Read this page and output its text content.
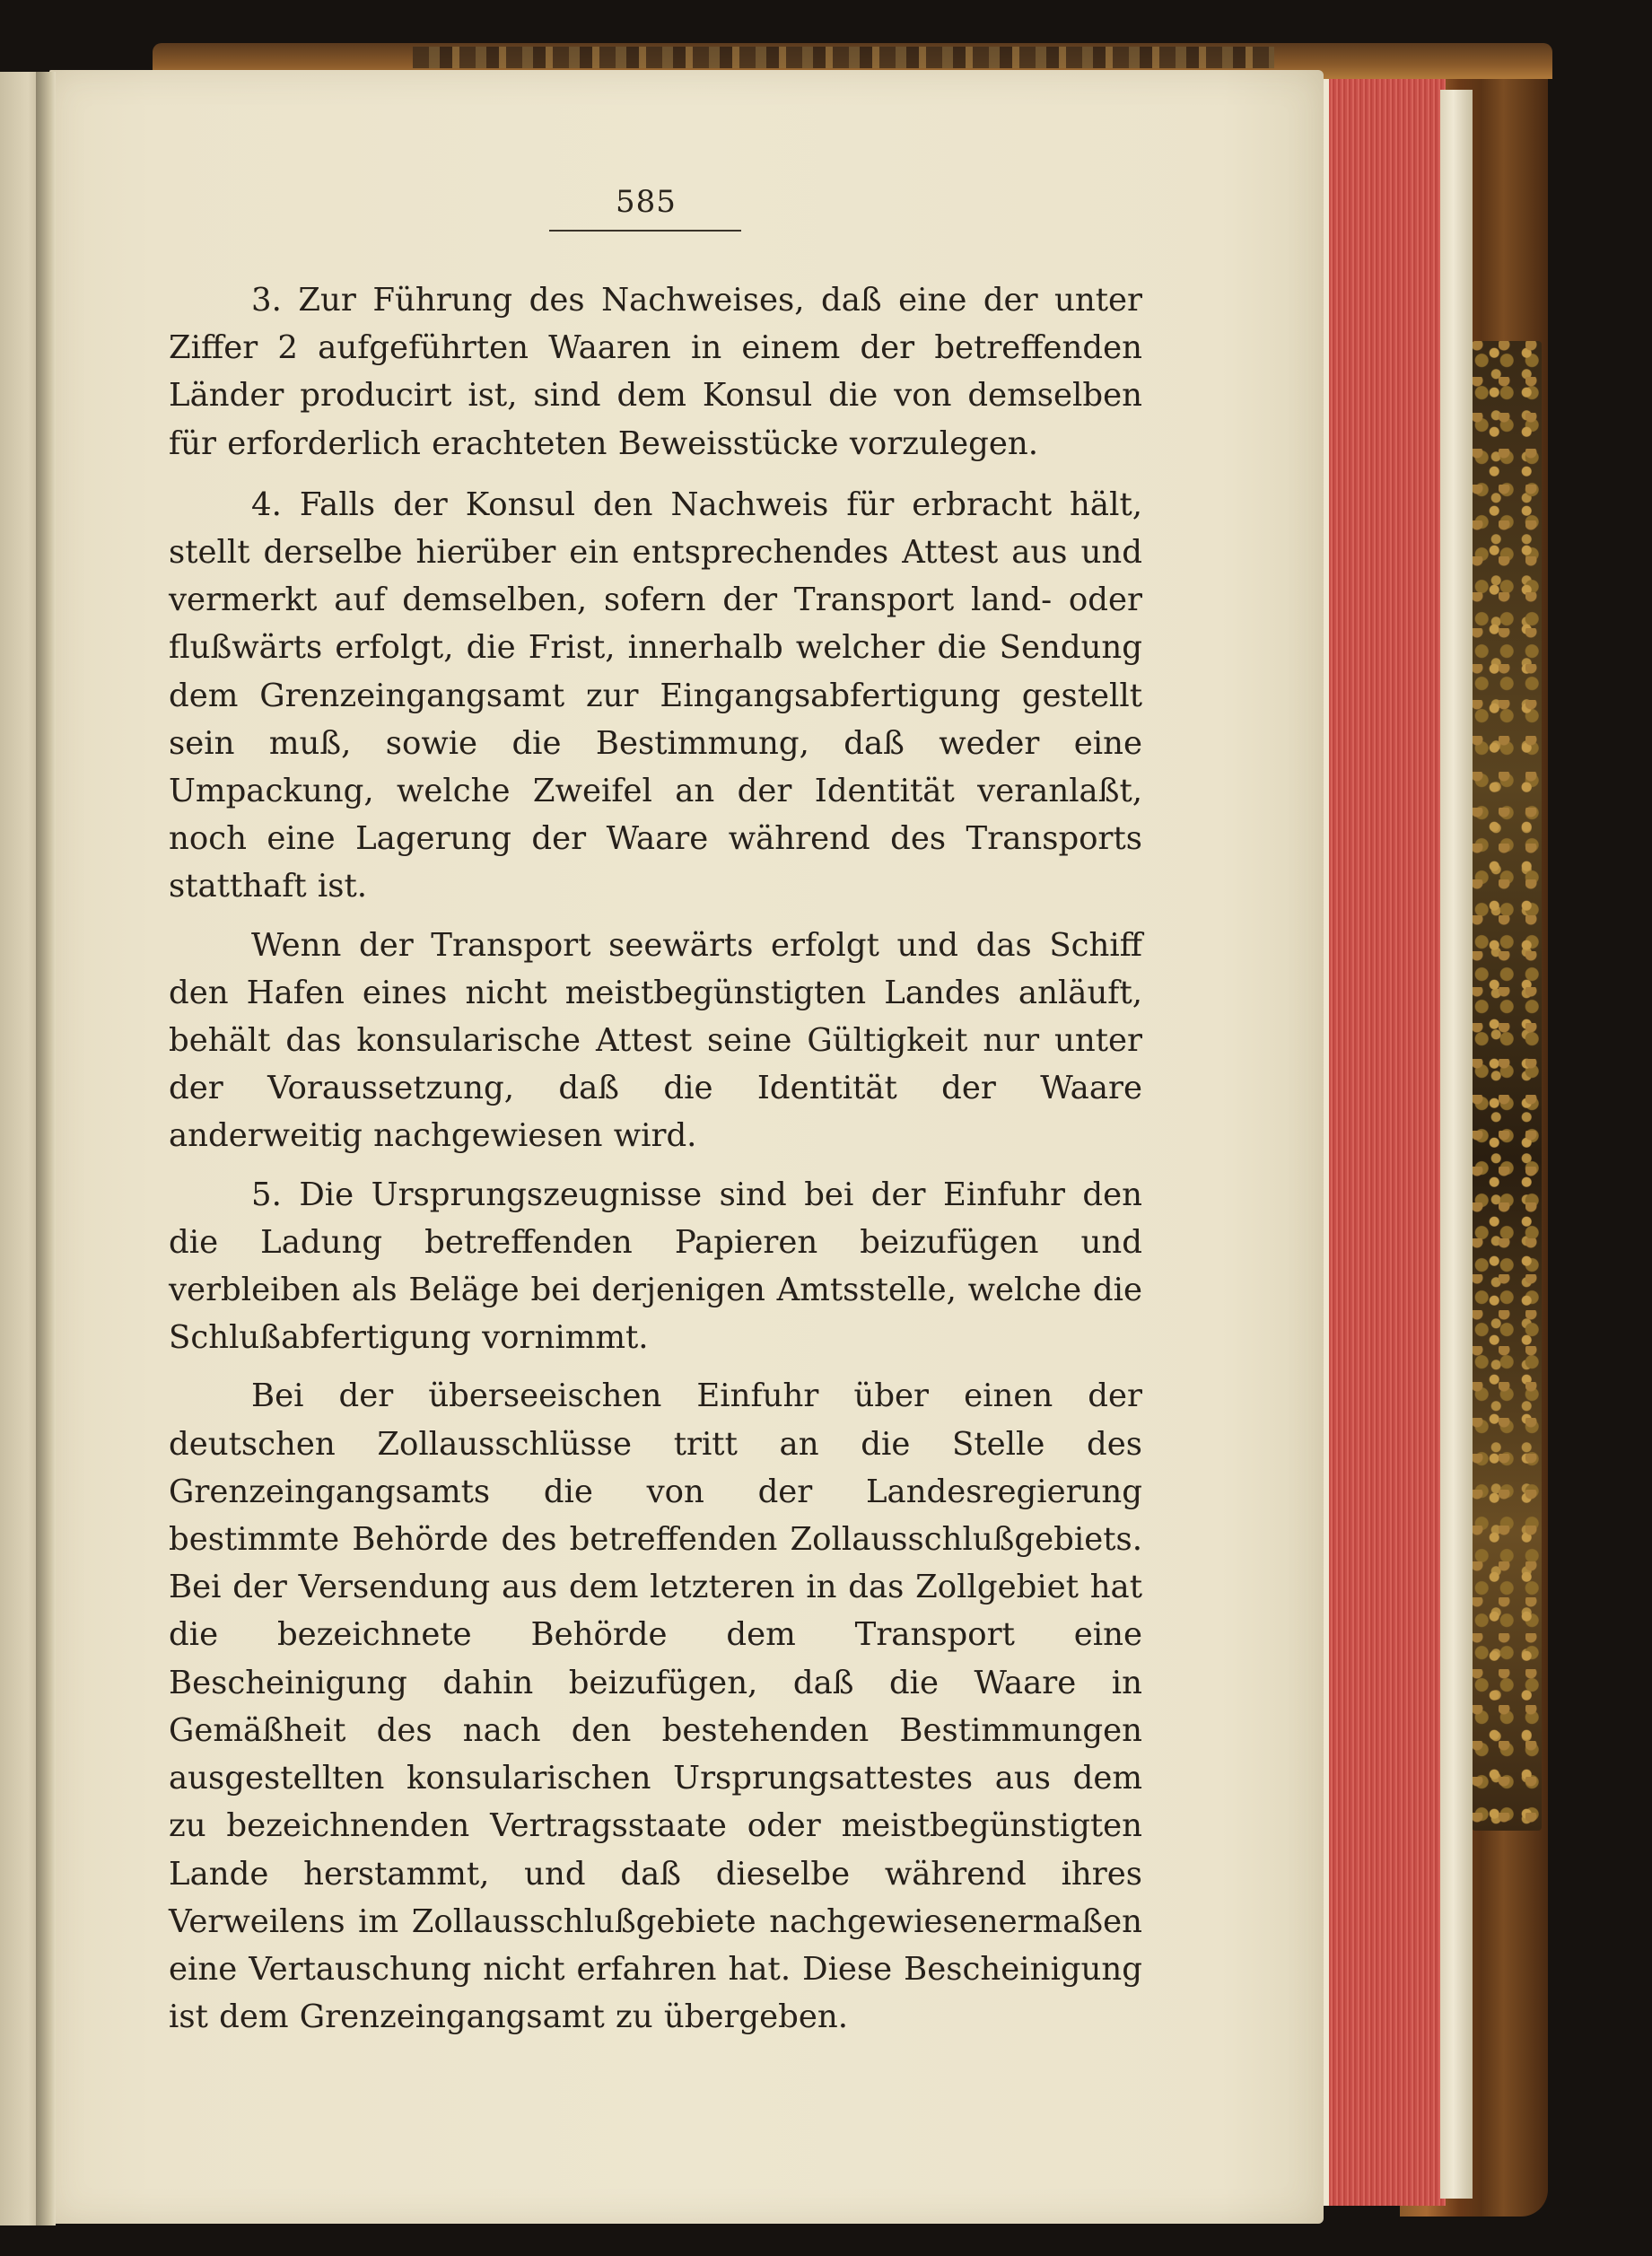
585

3. Zur Führung des Nachweises, daß eine der unter Ziffer 2 aufgeführten Waaren in einem der betreffenden Länder producirt ist, sind dem Konsul die von demselben für erforderlich erachteten Beweisstücke vorzulegen.

4. Falls der Konsul den Nachweis für erbracht hält, stellt derselbe hierüber ein entsprechendes Attest aus und vermerkt auf demselben, sofern der Transport land- oder flußwärts erfolgt, die Frist, innerhalb welcher die Sendung dem Grenzeingangsamt zur Eingangsabfertigung gestellt sein muß, sowie die Bestimmung, daß weder eine Umpackung, welche Zweifel an der Identität veranlaßt, noch eine Lagerung der Waare während des Transports statthaft ist.

Wenn der Transport seewärts erfolgt und das Schiff den Hafen eines nicht meistbegünstigten Landes anläuft, behält das konsularische Attest seine Gültigkeit nur unter der Voraussetzung, daß die Identität der Waare anderweitig nachgewiesen wird.

5. Die Ursprungszeugnisse sind bei der Einfuhr den die Ladung betreffenden Papieren beizufügen und verbleiben als Beläge bei derjenigen Amtsstelle, welche die Schlußabfertigung vornimmt.

Bei der überseeischen Einfuhr über einen der deutschen Zollausschlüsse tritt an die Stelle des Grenzeingangsamts die von der Landesregierung bestimmte Behörde des betreffenden Zollausschlußgebiets. Bei der Versendung aus dem letzteren in das Zollgebiet hat die bezeichnete Behörde dem Transport eine Bescheinigung dahin beizufügen, daß die Waare in Gemäßheit des nach den bestehenden Bestimmungen ausgestellten konsularischen Ursprungsattestes aus dem zu bezeichnenden Vertragsstaate oder meistbegünstigten Lande herstammt, und daß dieselbe während ihres Verweilens im Zollausschlußgebiete nachgewiesenermaßen eine Vertauschung nicht erfahren hat. Diese Bescheinigung ist dem Grenzeingangsamt zu übergeben.
